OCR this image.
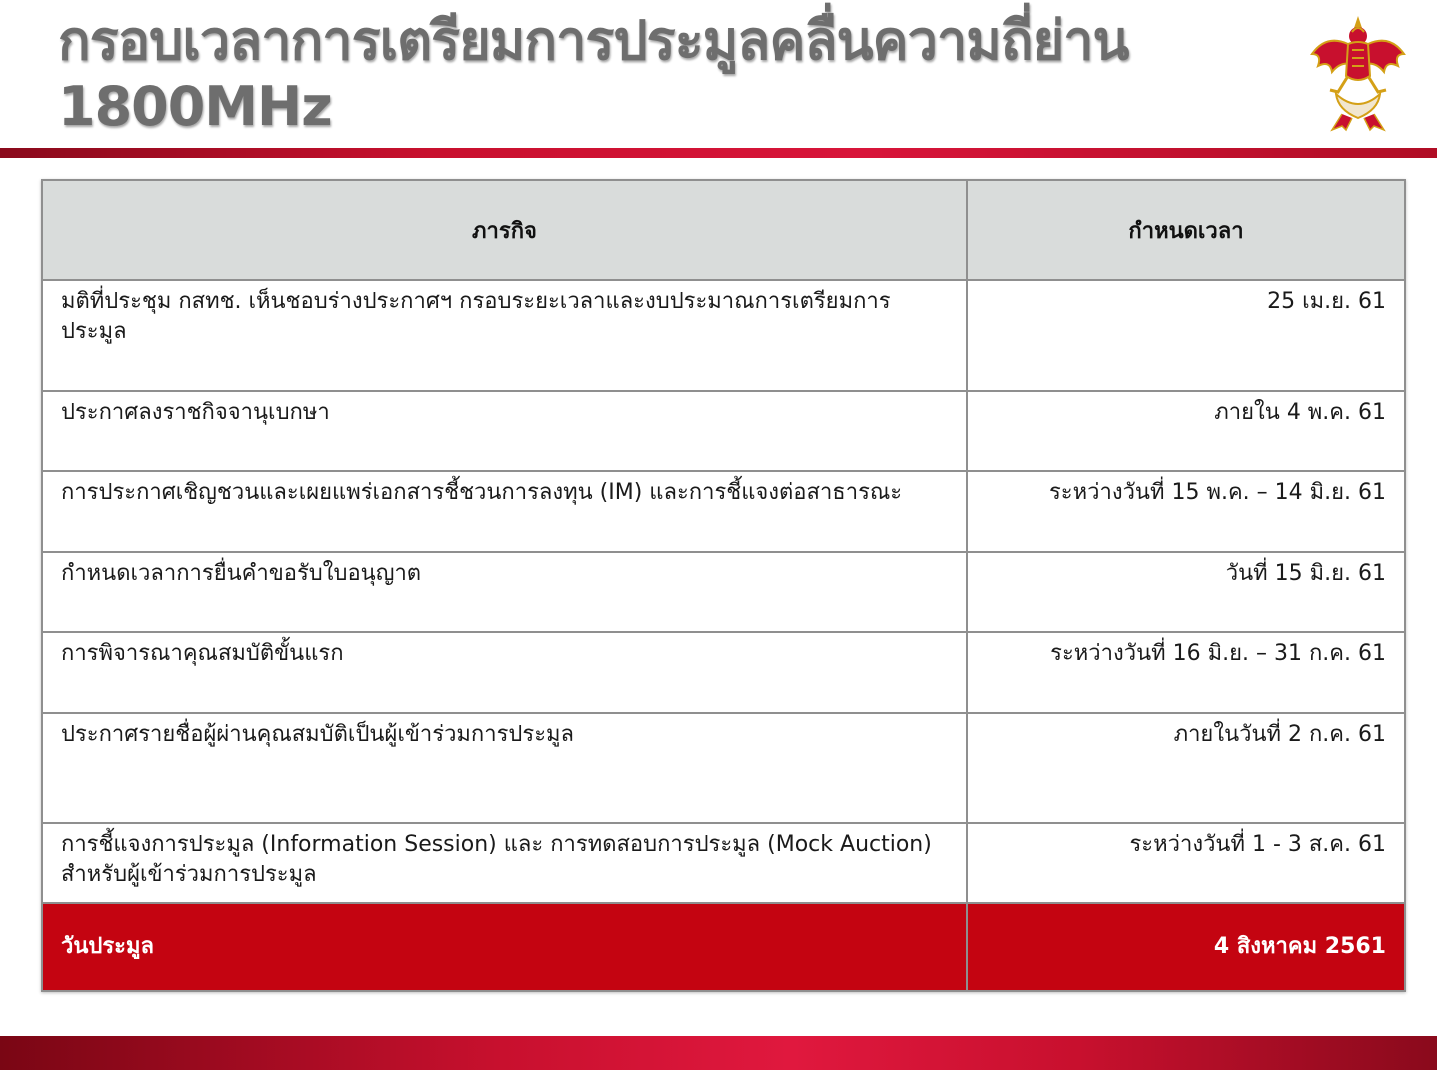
กรอบเวลาการเตรียมการประมูลคลื่นความถี่ย่าน 1800MHz
ภารกิจ	กำหนดเวลา
มติที่ประชุม กสทช. เห็นชอบร่างประกาศฯ กรอบระยะเวลาและงบประมาณการเตรียมการประมูล	25 เม.ย. 61
ประกาศลงราชกิจจานุเบกษา	ภายใน 4 พ.ค. 61
การประกาศเชิญชวนและเผยแพร่เอกสารชี้ชวนการลงทุน (IM) และการชี้แจงต่อสาธารณะ	ระหว่างวันที่ 15 พ.ค. – 14 มิ.ย. 61
กำหนดเวลาการยื่นคำขอรับใบอนุญาต	วันที่ 15 มิ.ย. 61
การพิจารณาคุณสมบัติขั้นแรก	ระหว่างวันที่ 16 มิ.ย. – 31 ก.ค. 61
ประกาศรายชื่อผู้ผ่านคุณสมบัติเป็นผู้เข้าร่วมการประมูล	ภายในวันที่ 2 ก.ค. 61
การชี้แจงการประมูล (Information Session) และ การทดสอบการประมูล (Mock Auction) สำหรับผู้เข้าร่วมการประมูล	ระหว่างวันที่ 1 - 3 ส.ค. 61
วันประมูล	4 สิงหาคม 2561
